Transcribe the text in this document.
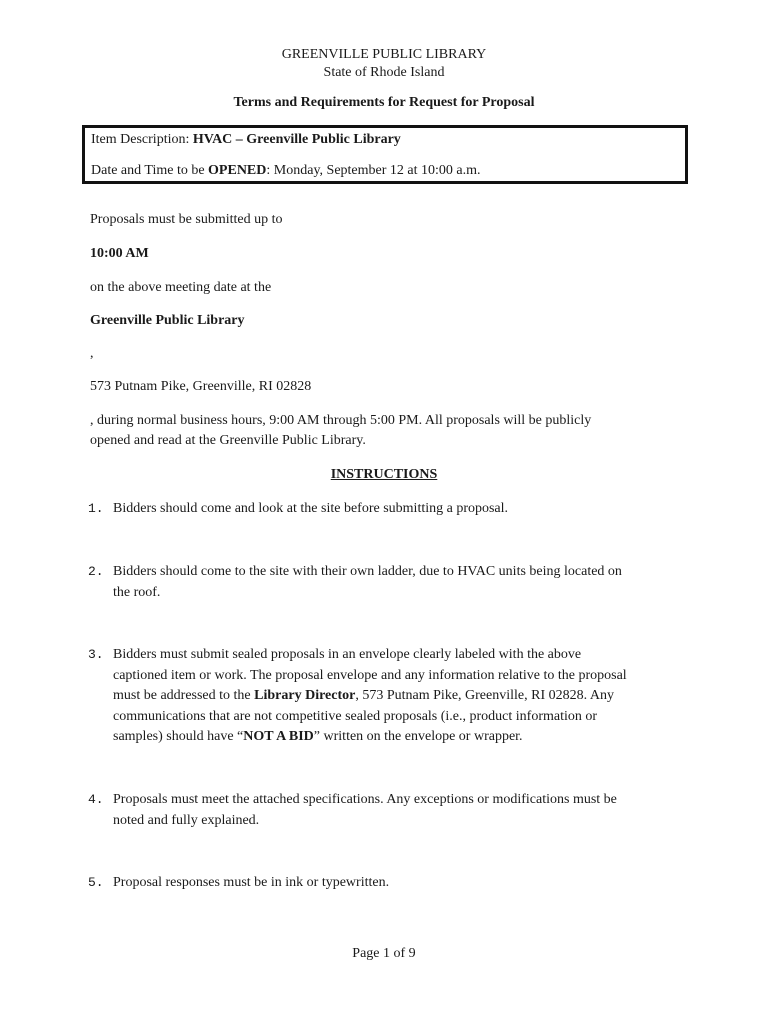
GREENVILLE PUBLIC LIBRARY
State of Rhode Island
Terms and Requirements for Request for Proposal
Item Description: HVAC – Greenville Public Library
Date and Time to be OPENED: Monday, September 12 at 10:00 a.m.
Proposals must be submitted up to
10:00 AM
on the above meeting date at the
Greenville Public Library
,
573 Putnam Pike, Greenville, RI 02828
, during normal business hours, 9:00 AM through 5:00 PM. All proposals will be publicly
opened and read at the Greenville Public Library.
INSTRUCTIONS
1. Bidders should come and look at the site before submitting a proposal.
2. Bidders should come to the site with their own ladder, due to HVAC units being located on
the roof.
3. Bidders must submit sealed proposals in an envelope clearly labeled with the above
captioned item or work. The proposal envelope and any information relative to the proposal
must be addressed to the Library Director, 573 Putnam Pike, Greenville, RI 02828. Any
communications that are not competitive sealed proposals (i.e., product information or
samples) should have “NOT A BID” written on the envelope or wrapper.
4. Proposals must meet the attached specifications. Any exceptions or modifications must be
noted and fully explained.
5. Proposal responses must be in ink or typewritten.
Page 1 of 9
